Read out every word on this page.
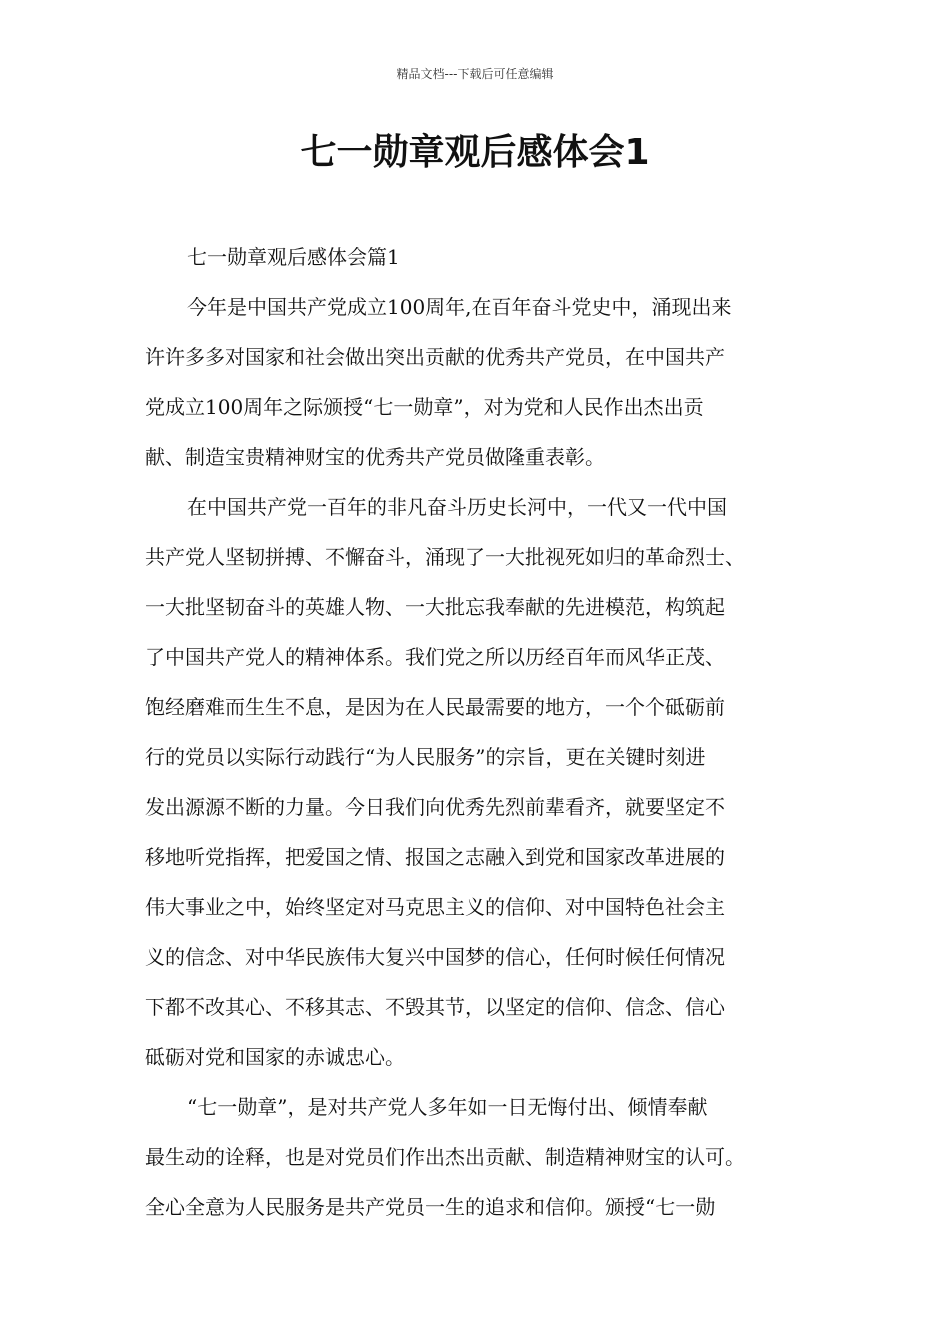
精品文档---下载后可任意编辑
七一勋章观后感体会1

七一勋章观后感体会篇1

今年是中国共产党成立100周年,在百年奋斗党史中，涌现出来
许许多多对国家和社会做出突出贡献的优秀共产党员，在中国共产
党成立100周年之际颁授“七一勋章”，对为党和人民作出杰出贡
献、制造宝贵精神财宝的优秀共产党员做隆重表彰。

在中国共产党一百年的非凡奋斗历史长河中，一代又一代中国
共产党人坚韧拼搏、不懈奋斗，涌现了一大批视死如归的革命烈士、
一大批坚韧奋斗的英雄人物、一大批忘我奉献的先进模范，构筑起
了中国共产党人的精神体系。我们党之所以历经百年而风华正茂、
饱经磨难而生生不息，是因为在人民最需要的地方，一个个砥砺前
行的党员以实际行动践行“为人民服务”的宗旨，更在关键时刻进
发出源源不断的力量。今日我们向优秀先烈前辈看齐，就要坚定不
移地听党指挥，把爱国之情、报国之志融入到党和国家改革进展的
伟大事业之中，始终坚定对马克思主义的信仰、对中国特色社会主
义的信念、对中华民族伟大复兴中国梦的信心，任何时候任何情况
下都不改其心、不移其志、不毁其节，以坚定的信仰、信念、信心
砥砺对党和国家的赤诚忠心。

“七一勋章”，是对共产党人多年如一日无悔付出、倾情奉献
最生动的诠释，也是对党员们作出杰出贡献、制造精神财宝的认可。
全心全意为人民服务是共产党员一生的追求和信仰。颁授“七一勋
